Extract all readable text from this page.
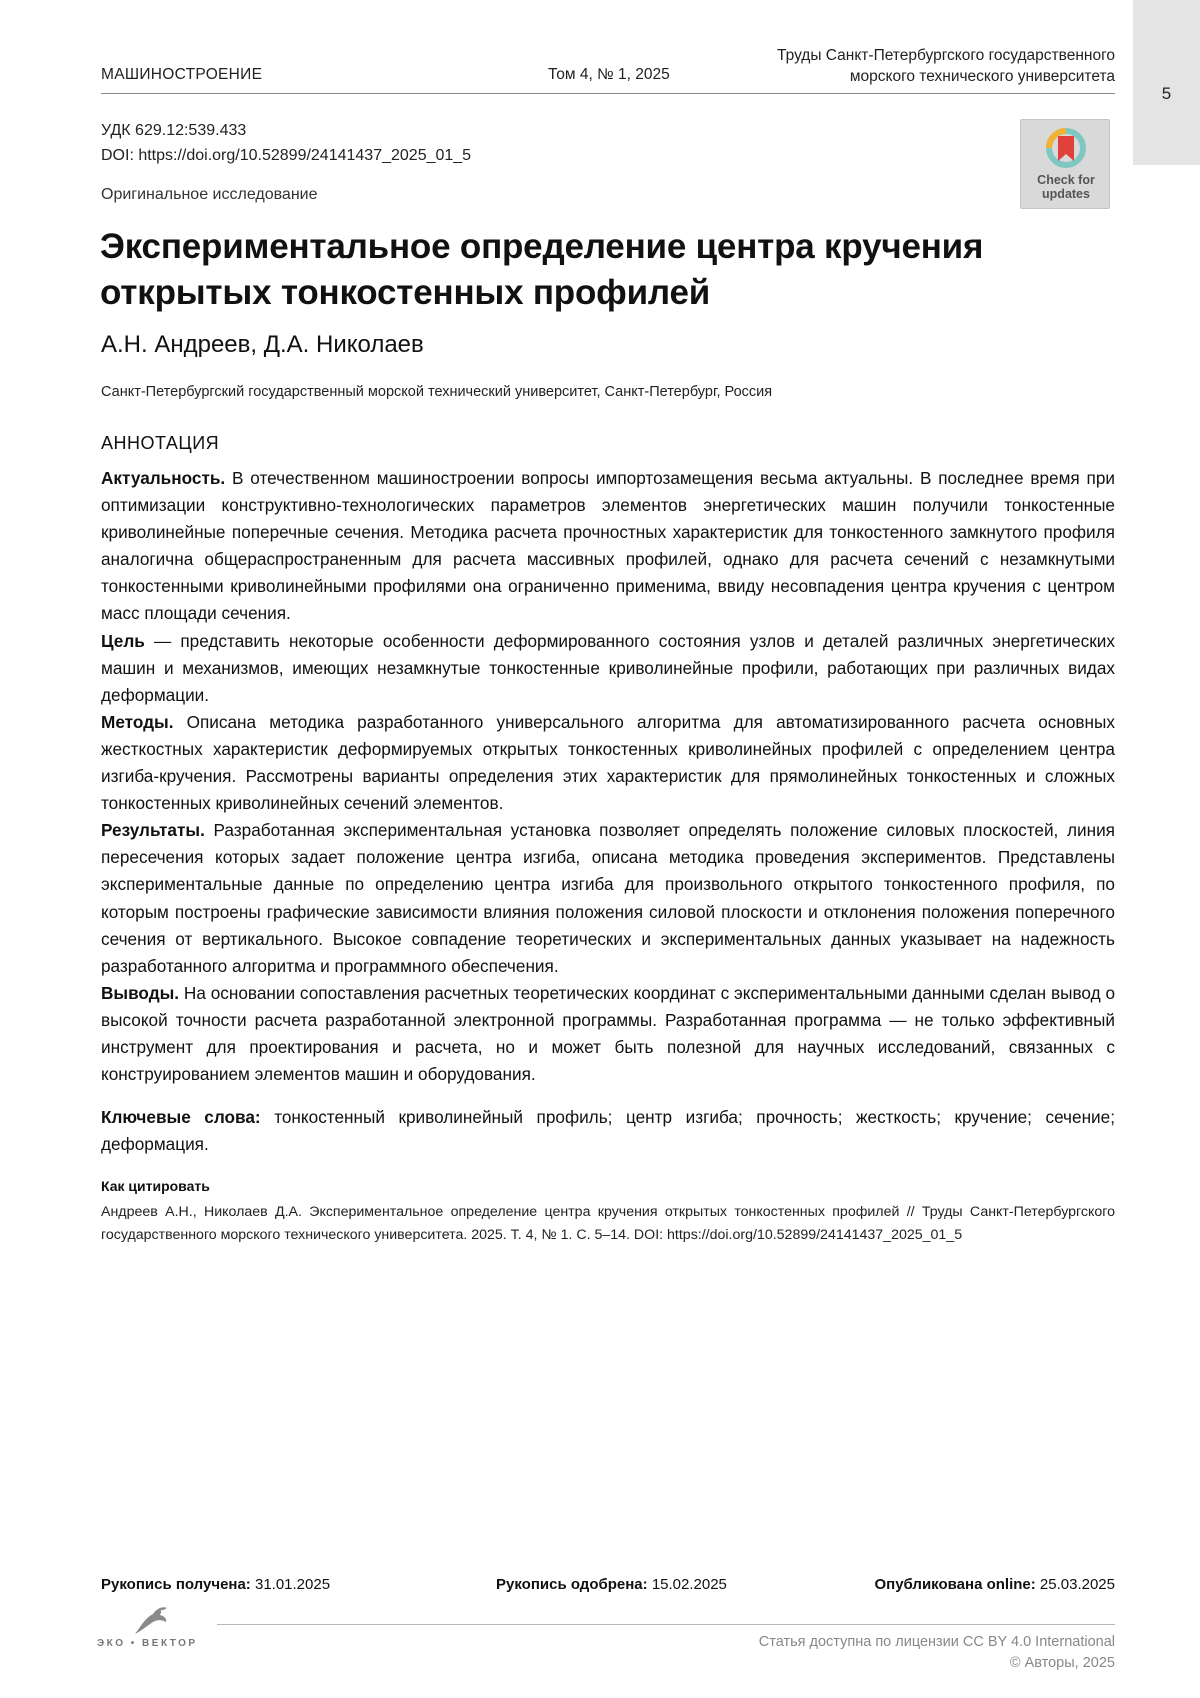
5
МАШИНОСТРОЕНИЕ	Том 4, № 1, 2025
Труды Санкт-Петербургского государственного
морского технического университета
УДК 629.12:539.433
DOI: https://doi.org/10.52899/24141437_2025_01_5
Оригинальное исследование
Check for
updates
Экспериментальное определение центра кручения
открытых тонкостенных профилей
А.Н. Андреев, Д.А. Николаев
Санкт-Петербургский государственный морской технический университет, Санкт-Петербург, Россия
АННОТАЦИЯ
Актуальность. В отечественном машиностроении вопросы импортозамещения весьма актуальны. В последнее время при оптимизации конструктивно-технологических параметров элементов энергетических машин получили тонкостенные криволинейные поперечные сечения. Методика расчета прочностных характеристик для тонкостенного замкнутого профиля аналогична общераспространенным для расчета массивных профилей, однако для расчета сечений с незамкнутыми тонкостенными криволинейными профилями она ограниченно применима, ввиду несовпадения центра кручения с центром масс площади сечения.
Цель — представить некоторые особенности деформированного состояния узлов и деталей различных энергетических машин и механизмов, имеющих незамкнутые тонкостенные криволинейные профили, работающих при различных видах деформации.
Методы. Описана методика разработанного универсального алгоритма для автоматизированного расчета основных жесткостных характеристик деформируемых открытых тонкостенных криволинейных профилей с определением центра изгиба-кручения. Рассмотрены варианты определения этих характеристик для прямолинейных тонкостенных и сложных тонкостенных криволинейных сечений элементов.
Результаты. Разработанная экспериментальная установка позволяет определять положение силовых плоскостей, линия пересечения которых задает положение центра изгиба, описана методика проведения экспериментов. Представлены экспериментальные данные по определению центра изгиба для произвольного открытого тонкостенного профиля, по которым построены графические зависимости влияния положения силовой плоскости и отклонения положения поперечного сечения от вертикального. Высокое совпадение теоретических и экспериментальных данных указывает на надежность разработанного алгоритма и программного обеспечения.
Выводы. На основании сопоставления расчетных теоретических координат с экспериментальными данными сделан вывод о высокой точности расчета разработанной электронной программы. Разработанная программа — не только эффективный инструмент для проектирования и расчета, но и может быть полезной для научных исследований, связанных с конструированием элементов машин и оборудования.
Ключевые слова: тонкостенный криволинейный профиль; центр изгиба; прочность; жесткость; кручение; сечение; деформация.
Как цитировать
Андреев А.Н., Николаев Д.А. Экспериментальное определение центра кручения открытых тонкостенных профилей // Труды Санкт-Петербургского государственного морского технического университета. 2025. Т. 4, № 1. С. 5–14. DOI: https://doi.org/10.52899/24141437_2025_01_5
Рукопись получена: 31.01.2025	Рукопись одобрена: 15.02.2025	Опубликована online: 25.03.2025
ЭКО • ВЕКТОР	Статья доступна по лицензии CC BY 4.0 International
© Авторы, 2025
